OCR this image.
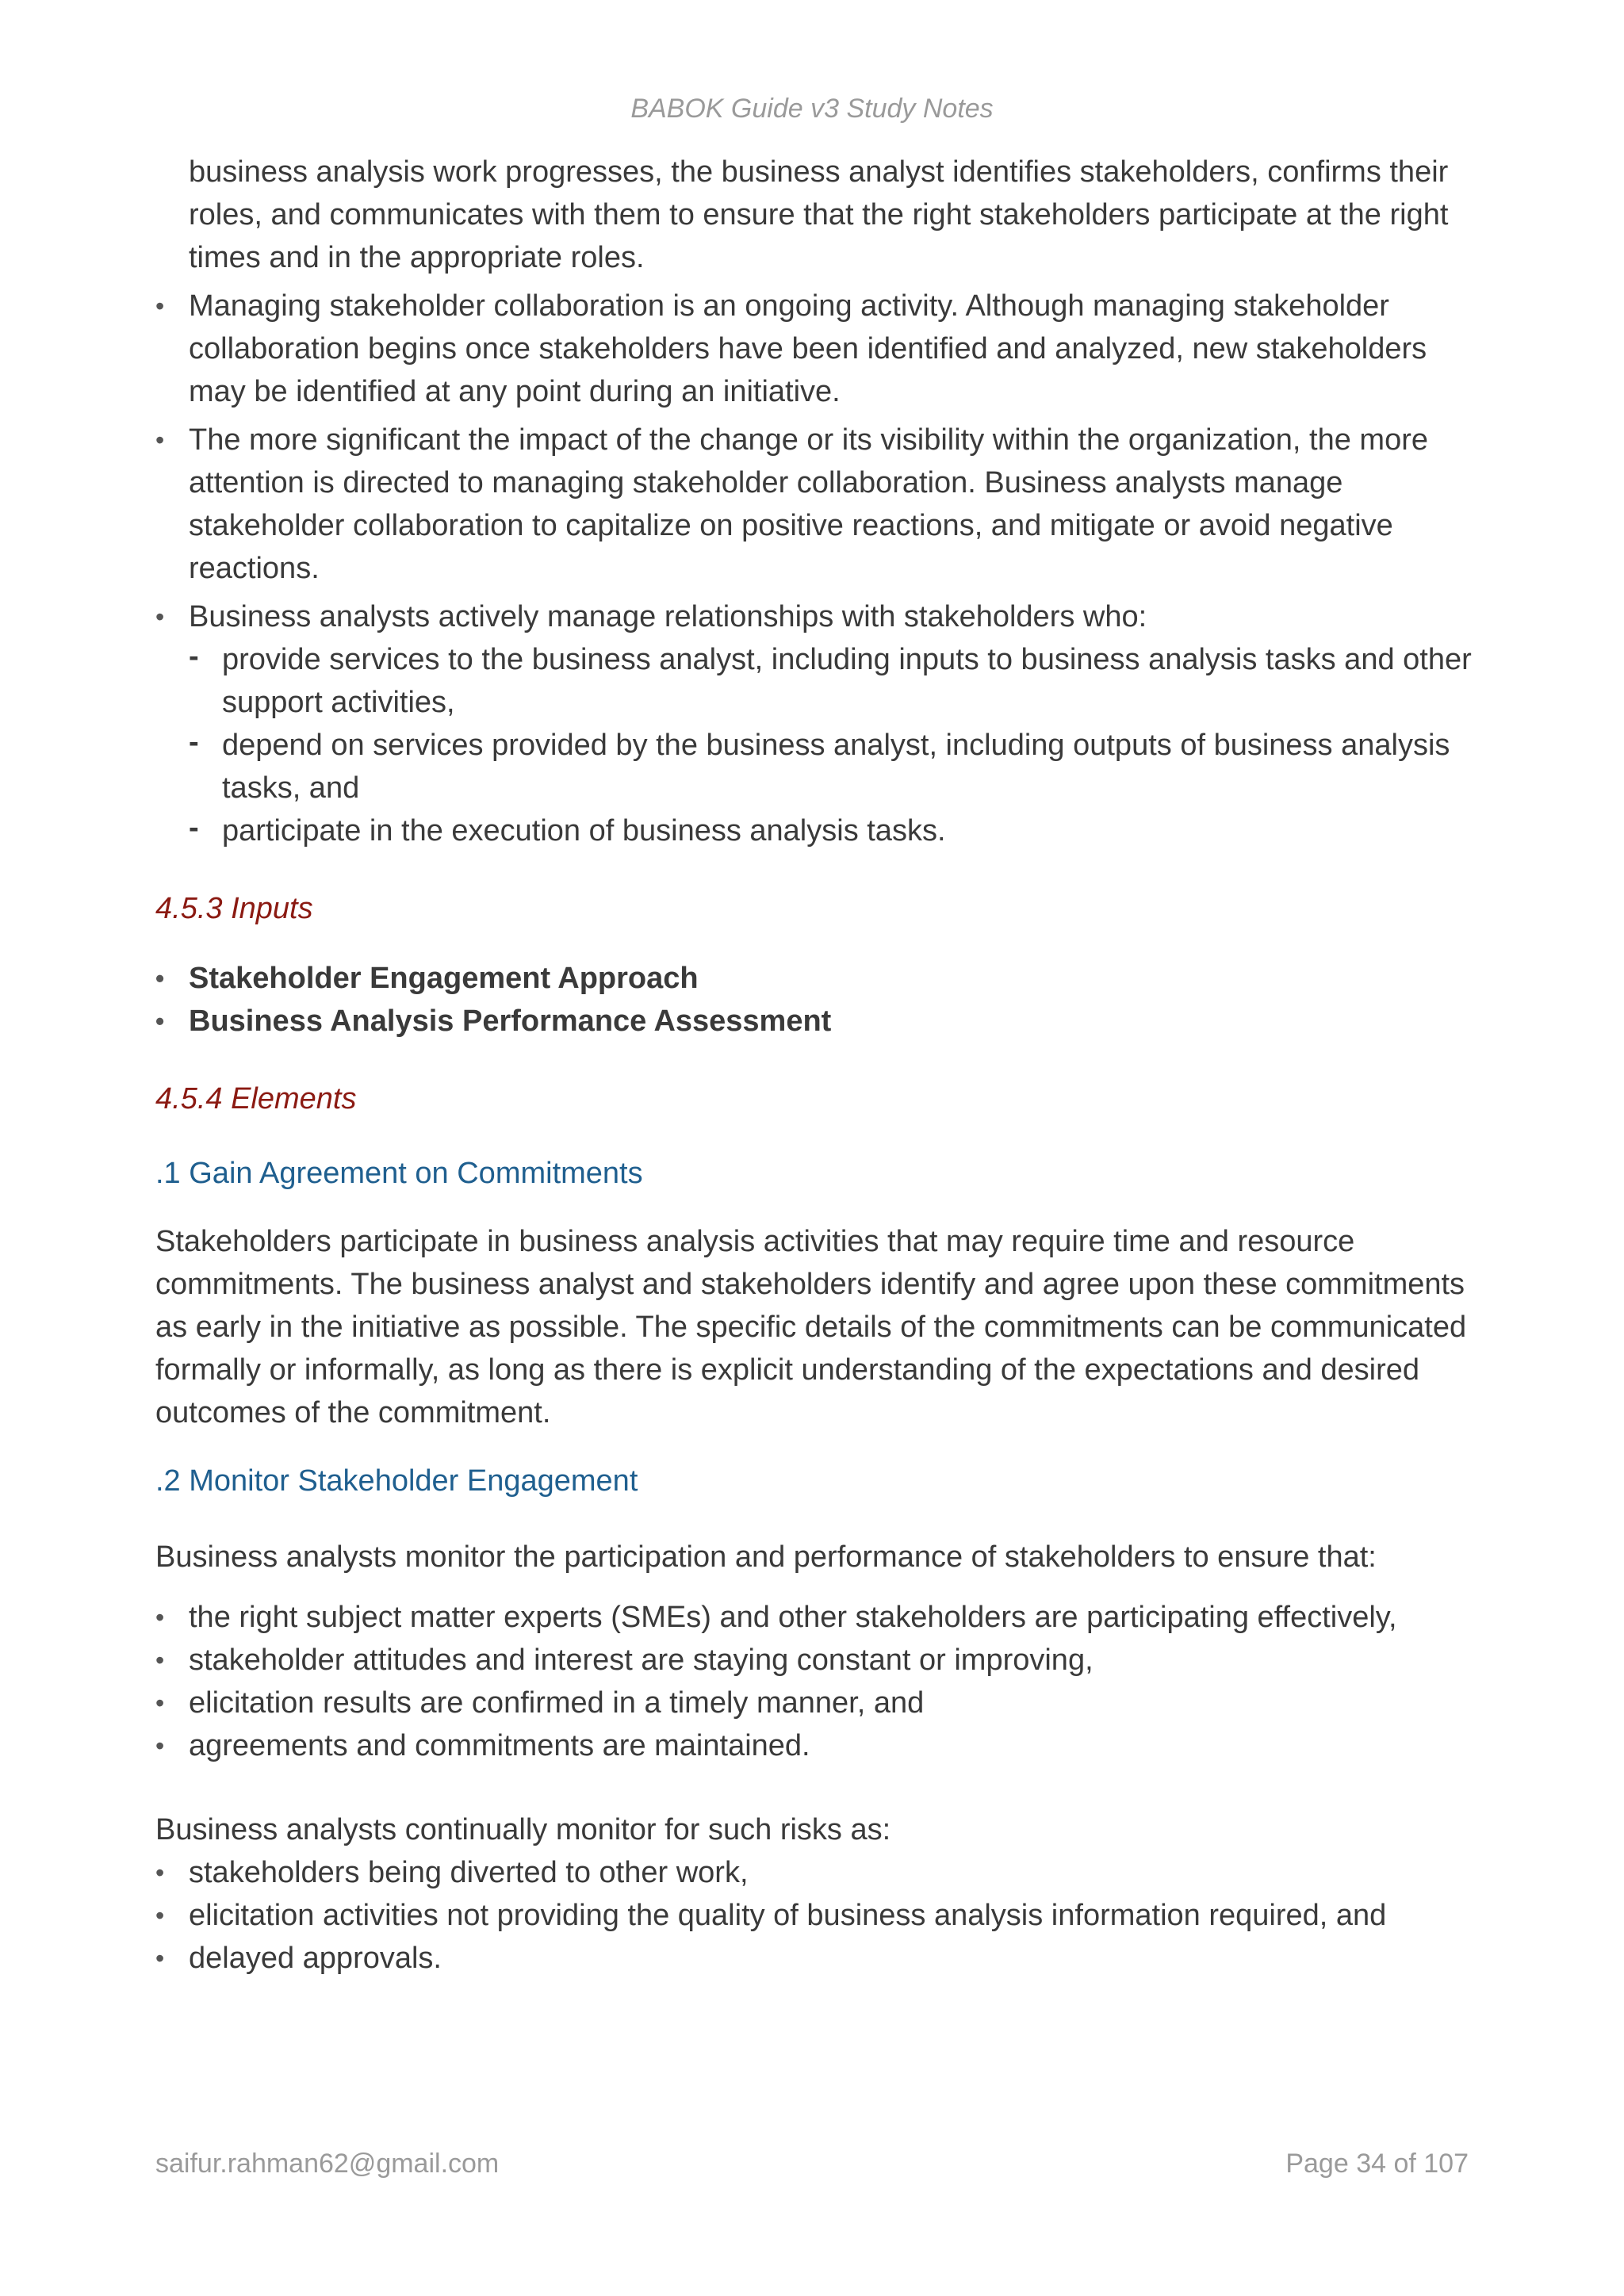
BABOK Guide v3 Study Notes
business analysis work progresses, the business analyst identifies stakeholders, confirms their roles, and communicates with them to ensure that the right stakeholders participate at the right times and in the appropriate roles.
• Managing stakeholder collaboration is an ongoing activity. Although managing stakeholder collaboration begins once stakeholders have been identified and analyzed, new stakeholders may be identified at any point during an initiative.
• The more significant the impact of the change or its visibility within the organization, the more attention is directed to managing stakeholder collaboration. Business analysts manage stakeholder collaboration to capitalize on positive reactions, and mitigate or avoid negative reactions.
• Business analysts actively manage relationships with stakeholders who:
- provide services to the business analyst, including inputs to business analysis tasks and other support activities,
- depend on services provided by the business analyst, including outputs of business analysis tasks, and
- participate in the execution of business analysis tasks.
4.5.3 Inputs
• Stakeholder Engagement Approach
• Business Analysis Performance Assessment
4.5.4 Elements
.1 Gain Agreement on Commitments

Stakeholders participate in business analysis activities that may require time and resource commitments. The business analyst and stakeholders identify and agree upon these commitments as early in the initiative as possible. The specific details of the commitments can be communicated formally or informally, as long as there is explicit understanding of the expectations and desired outcomes of the commitment.

.2 Monitor Stakeholder Engagement

Business analysts monitor the participation and performance of stakeholders to ensure that:

• the right subject matter experts (SMEs) and other stakeholders are participating effectively,
• stakeholder attitudes and interest are staying constant or improving,
• elicitation results are confirmed in a timely manner, and
• agreements and commitments are maintained.

Business analysts continually monitor for such risks as:

• stakeholders being diverted to other work,
• elicitation activities not providing the quality of business analysis information required, and
• delayed approvals.
saifur.rahman62@gmail.com	Page 34 of 107
